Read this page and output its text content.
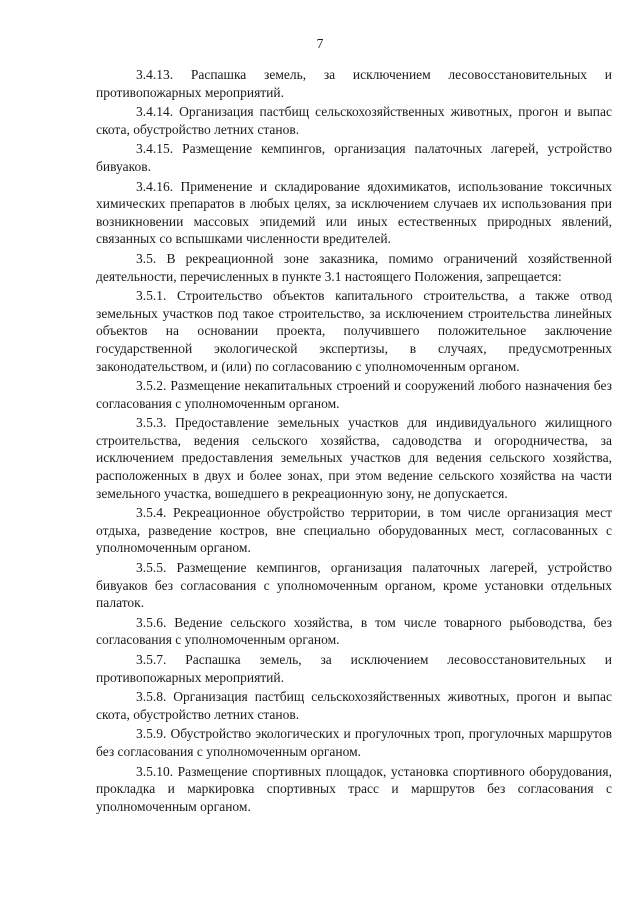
7

3.4.13. Распашка земель, за исключением лесовосстановительных и противопожарных мероприятий.

3.4.14. Организация пастбищ сельскохозяйственных животных, прогон и выпас скота, обустройство летних станов.

3.4.15. Размещение кемпингов, организация палаточных лагерей, устройство бивуаков.

3.4.16. Применение и складирование ядохимикатов, использование токсичных химических препаратов в любых целях, за исключением случаев их использования при возникновении массовых эпидемий или иных естественных природных явлений, связанных со вспышками численности вредителей.

3.5. В рекреационной зоне заказника, помимо ограничений хозяйственной деятельности, перечисленных в пункте 3.1 настоящего Положения, запрещается:

3.5.1. Строительство объектов капитального строительства, а также отвод земельных участков под такое строительство, за исключением строительства линейных объектов на основании проекта, получившего положительное заключение государственной экологической экспертизы, в случаях, предусмотренных законодательством, и (или) по согласованию с уполномоченным органом.

3.5.2. Размещение некапитальных строений и сооружений любого назначения без согласования с уполномоченным органом.

3.5.3. Предоставление земельных участков для индивидуального жилищного строительства, ведения сельского хозяйства, садоводства и огородничества, за исключением предоставления земельных участков для ведения сельского хозяйства, расположенных в двух и более зонах, при этом ведение сельского хозяйства на части земельного участка, вошедшего в рекреационную зону, не допускается.

3.5.4. Рекреационное обустройство территории, в том числе организация мест отдыха, разведение костров, вне специально оборудованных мест, согласованных с уполномоченным органом.

3.5.5. Размещение кемпингов, организация палаточных лагерей, устройство бивуаков без согласования с уполномоченным органом, кроме установки отдельных палаток.

3.5.6. Ведение сельского хозяйства, в том числе товарного рыбоводства, без согласования с уполномоченным органом.

3.5.7. Распашка земель, за исключением лесовосстановительных и противопожарных мероприятий.

3.5.8. Организация пастбищ сельскохозяйственных животных, прогон и выпас скота, обустройство летних станов.

3.5.9. Обустройство экологических и прогулочных троп, прогулочных маршрутов без согласования с уполномоченным органом.

3.5.10. Размещение спортивных площадок, установка спортивного оборудования, прокладка и маркировка спортивных трасс и маршрутов без согласования с уполномоченным органом.
